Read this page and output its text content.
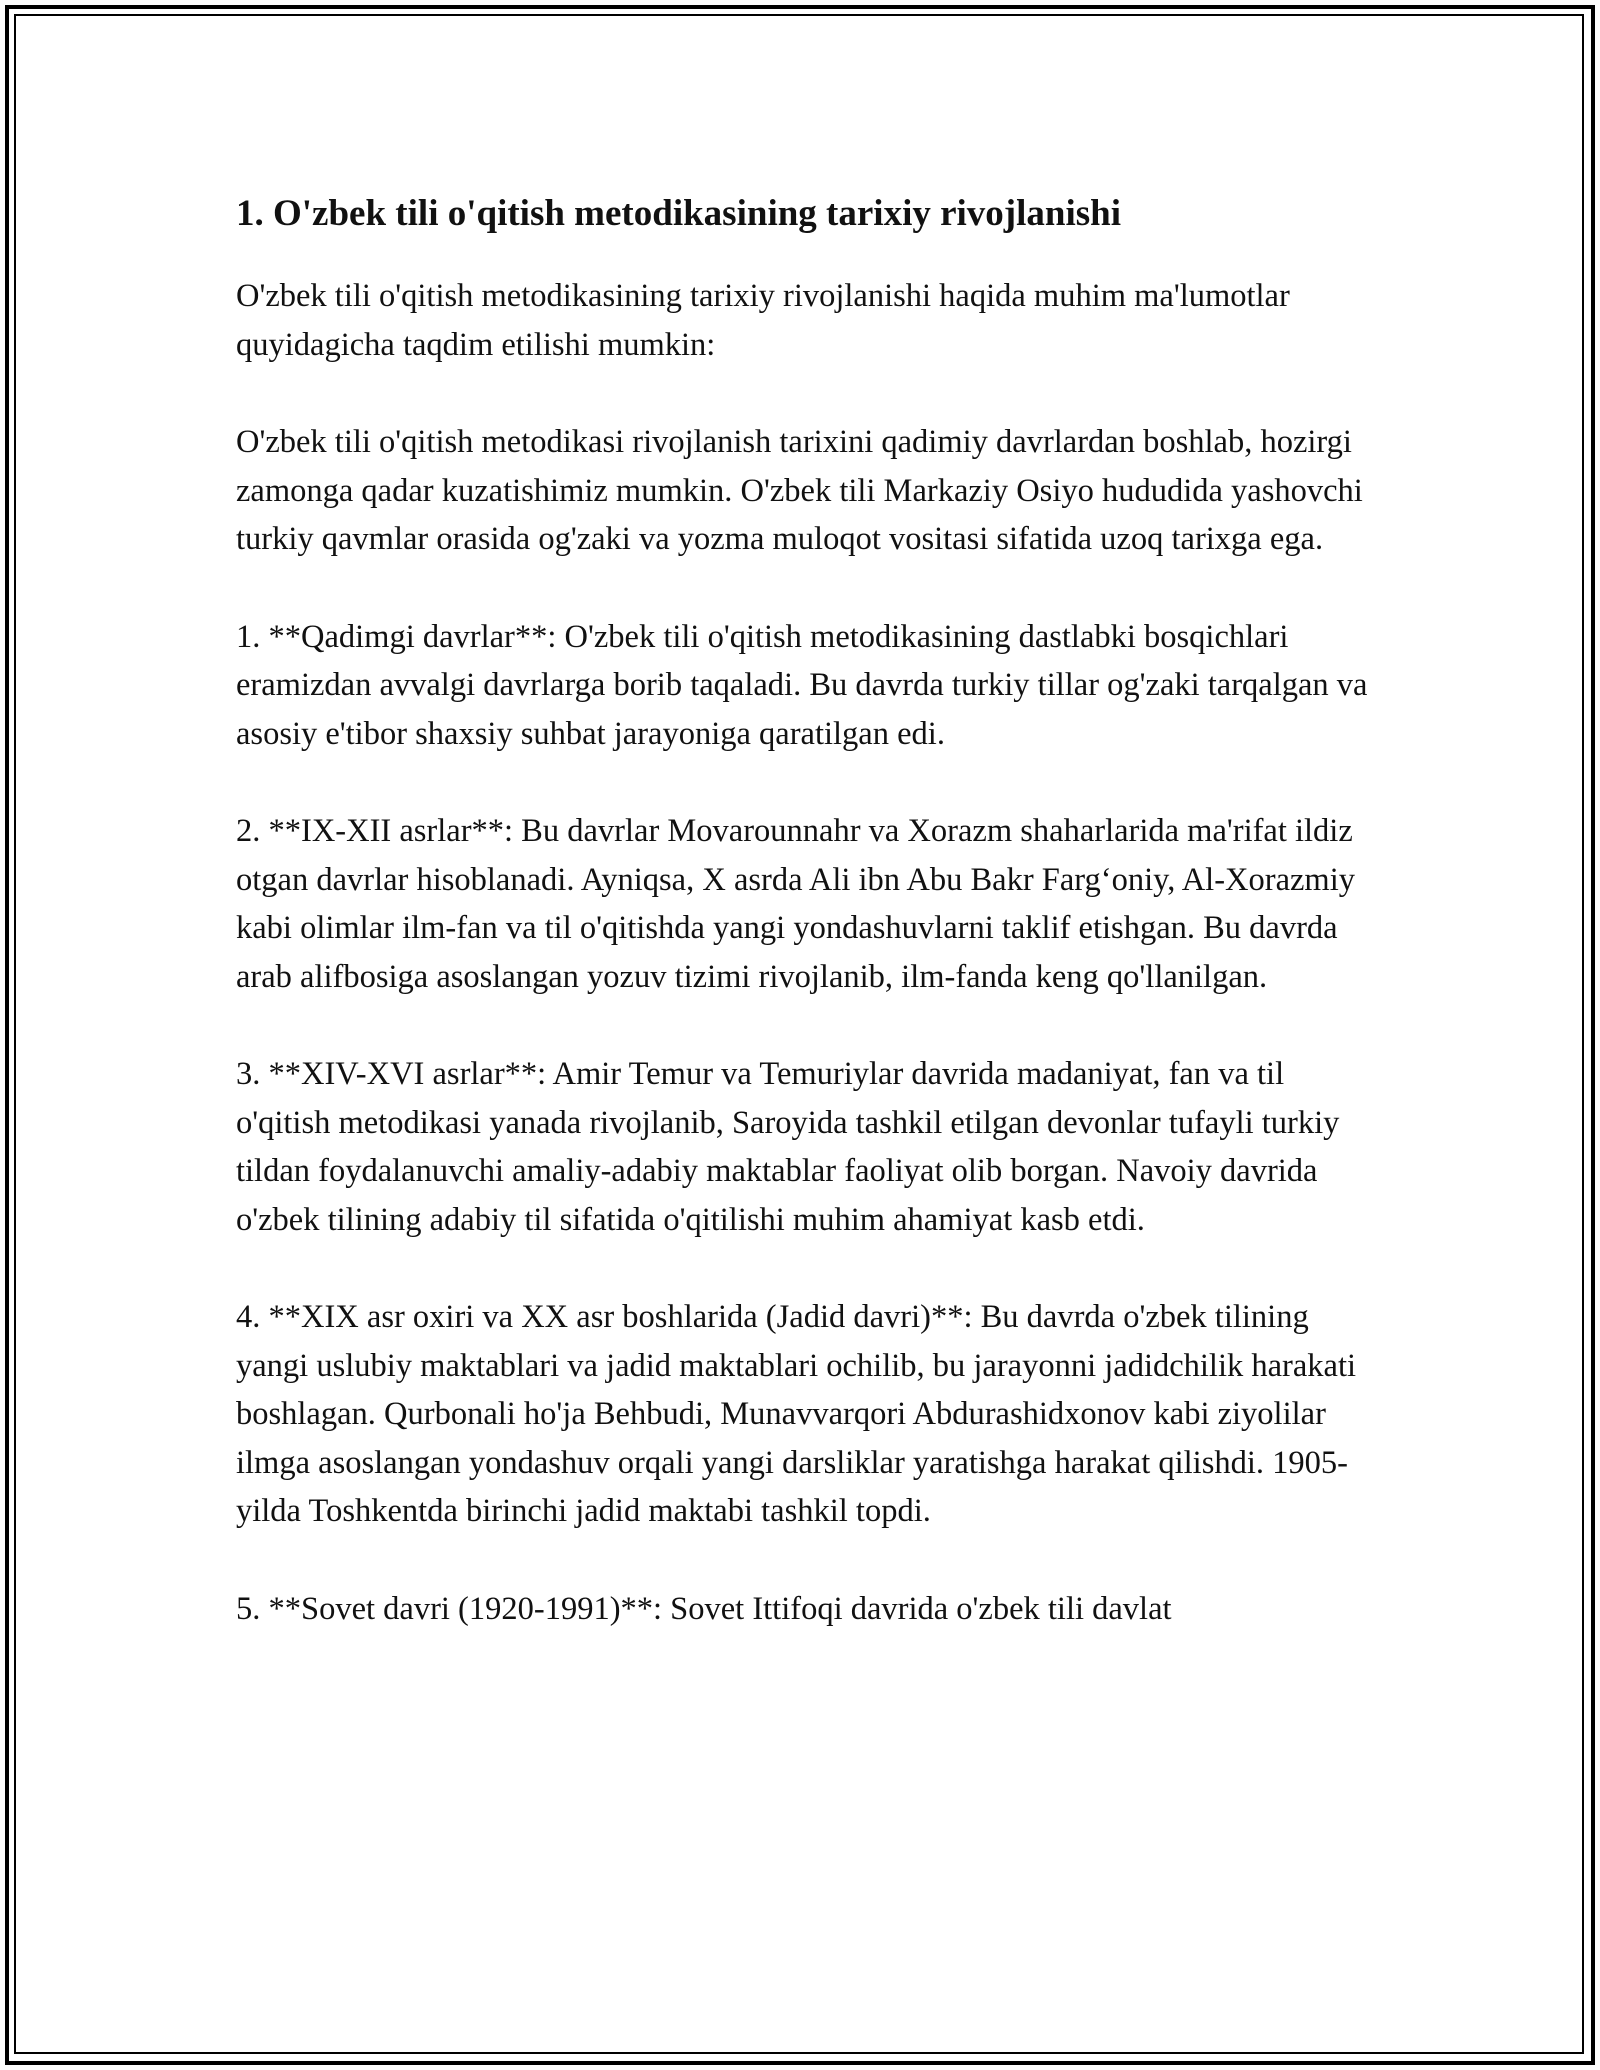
1. O'zbek tili o'qitish metodikasining tarixiy rivojlanishi

O'zbek tili o'qitish metodikasining tarixiy rivojlanishi haqida muhim ma'lumotlar quyidagicha taqdim etilishi mumkin:

O'zbek tili o'qitish metodikasi rivojlanish tarixini qadimiy davrlardan boshlab, hozirgi zamonga qadar kuzatishimiz mumkin. O'zbek tili Markaziy Osiyo hududida yashovchi turkiy qavmlar orasida og'zaki va yozma muloqot vositasi sifatida uzoq tarixga ega.

1. **Qadimgi davrlar**: O'zbek tili o'qitish metodikasining dastlabki bosqichlari eramizdan avvalgi davrlarga borib taqaladi. Bu davrda turkiy tillar og'zaki tarqalgan va asosiy e'tibor shaxsiy suhbat jarayoniga qaratilgan edi.

2. **IX-XII asrlar**: Bu davrlar Movarounnahr va Xorazm shaharlarida ma'rifat ildiz otgan davrlar hisoblanadi. Ayniqsa, X asrda Ali ibn Abu Bakr Farg‘oniy, Al-Xorazmiy kabi olimlar ilm-fan va til o'qitishda yangi yondashuvlarni taklif etishgan. Bu davrda arab alifbosiga asoslangan yozuv tizimi rivojlanib, ilm-fanda keng qo'llanilgan.

3. **XIV-XVI asrlar**: Amir Temur va Temuriylar davrida madaniyat, fan va til o'qitish metodikasi yanada rivojlanib, Saroyida tashkil etilgan devonlar tufayli turkiy tildan foydalanuvchi amaliy-adabiy maktablar faoliyat olib borgan. Navoiy davrida o'zbek tilining adabiy til sifatida o'qitilishi muhim ahamiyat kasb etdi.

4. **XIX asr oxiri va XX asr boshlarida (Jadid davri)**: Bu davrda o'zbek tilining yangi uslubiy maktablari va jadid maktablari ochilib, bu jarayonni jadidchilik harakati boshlagan. Qurbonali ho'ja Behbudi, Munavvarqori Abdurashidxonov kabi ziyolilar ilmga asoslangan yondashuv orqali yangi darsliklar yaratishga harakat qilishdi. 1905-yilda Toshkentda birinchi jadid maktabi tashkil topdi.

5. **Sovet davri (1920-1991)**: Sovet Ittifoqi davrida o'zbek tili davlat
